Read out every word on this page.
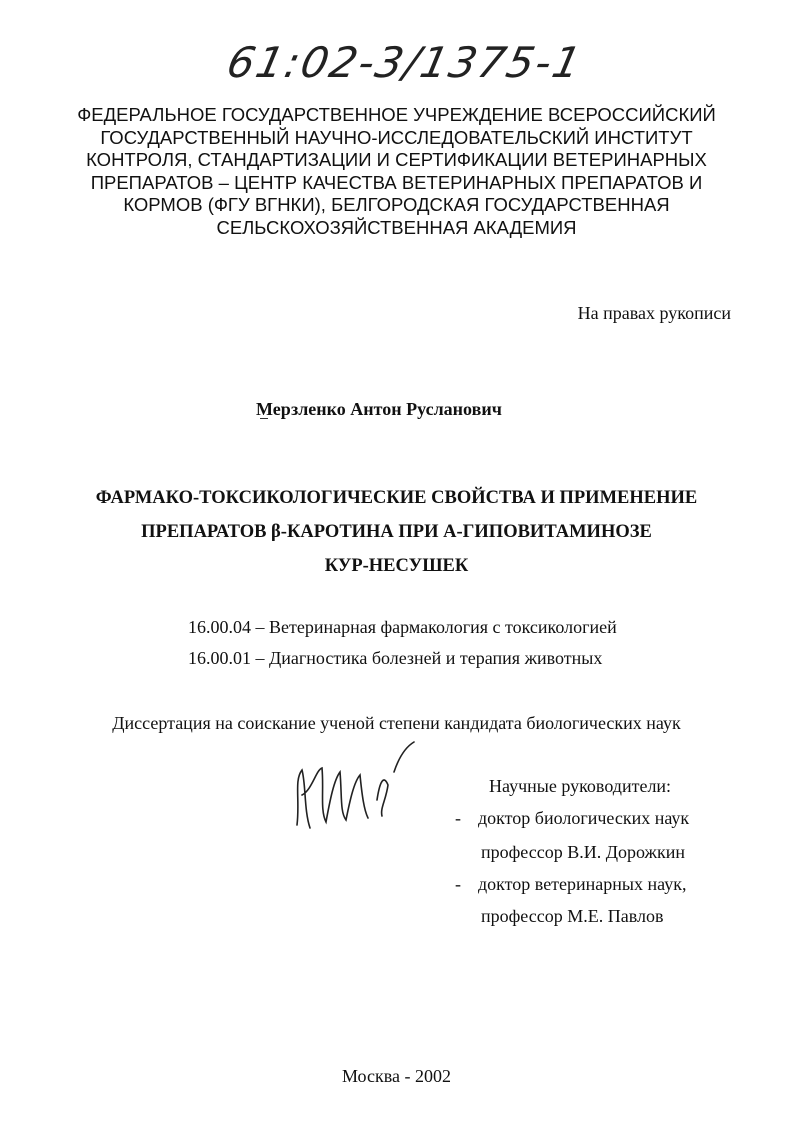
61:02-3/1375-1
ФЕДЕРАЛЬНОЕ ГОСУДАРСТВЕННОЕ УЧРЕЖДЕНИЕ ВСЕРОССИЙСКИЙ
ГОСУДАРСТВЕННЫЙ НАУЧНО-ИССЛЕДОВАТЕЛЬСКИЙ ИНСТИТУТ
КОНТРОЛЯ, СТАНДАРТИЗАЦИИ И СЕРТИФИКАЦИИ ВЕТЕРИНАРНЫХ
ПРЕПАРАТОВ – ЦЕНТР КАЧЕСТВА ВЕТЕРИНАРНЫХ ПРЕПАРАТОВ И
КОРМОВ (ФГУ ВГНКИ), БЕЛГОРОДСКАЯ ГОСУДАРСТВЕННАЯ
СЕЛЬСКОХОЗЯЙСТВЕННАЯ АКАДЕМИЯ
На правах рукописи
Мерзленко Антон Русланович
ФАРМАКО-ТОКСИКОЛОГИЧЕСКИЕ СВОЙСТВА И ПРИМЕНЕНИЕ
ПРЕПАРАТОВ β-КАРОТИНА ПРИ А-ГИПОВИТАМИНОЗЕ
КУР-НЕСУШЕК
16.00.04 – Ветеринарная фармакология с токсикологией
16.00.01 – Диагностика болезней и терапия животных
Диссертация на соискание ученой степени кандидата биологических наук
Научные руководители:
- доктор биологических наук
профессор В.И. Дорожкин
- доктор ветеринарных наук,
профессор М.Е. Павлов
Москва - 2002
